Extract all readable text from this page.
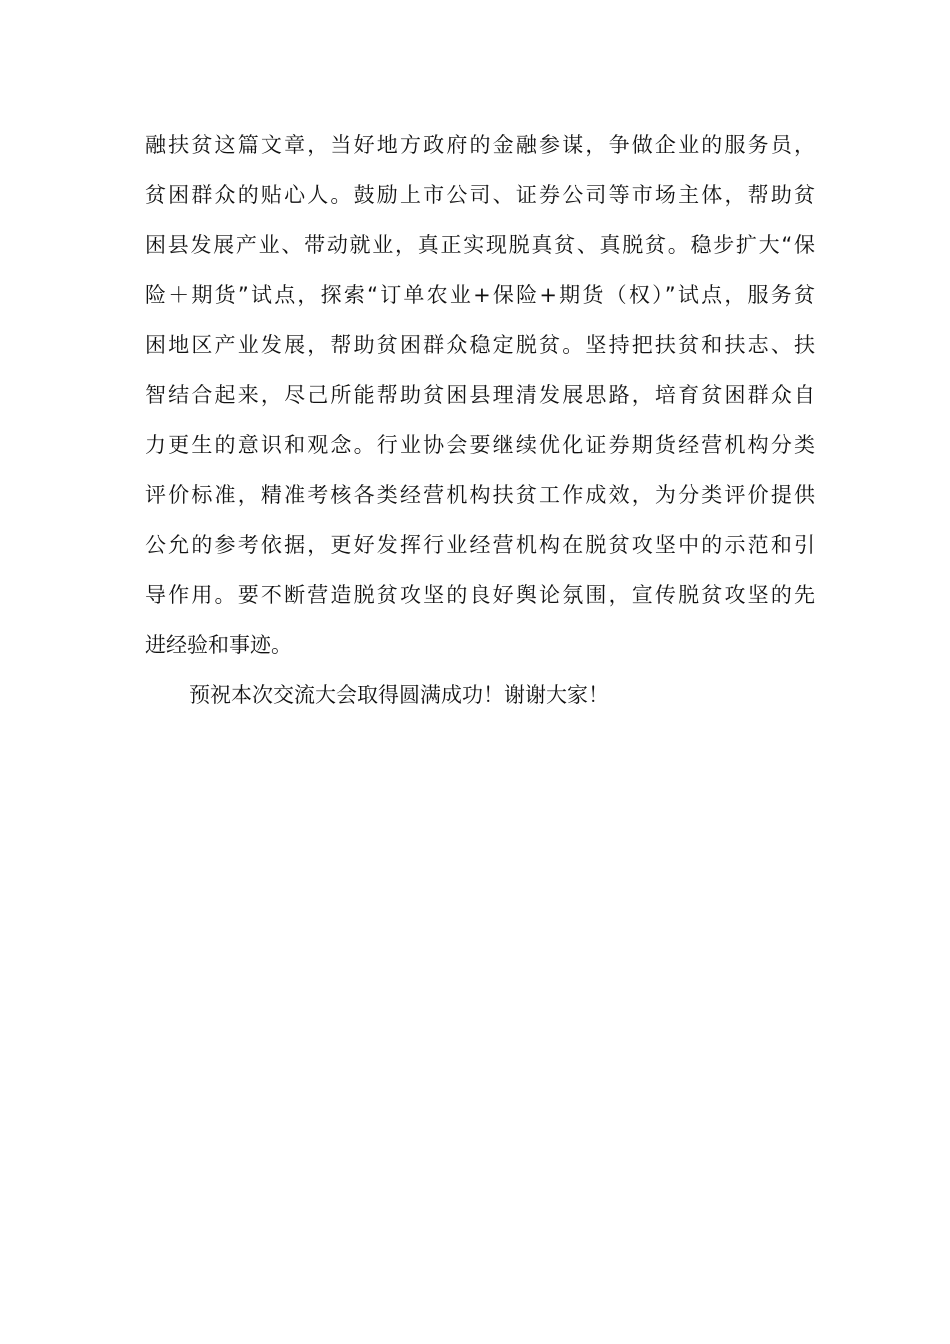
融扶贫这篇文章，当好地方政府的金融参谋，争做企业的服务员，
贫困群众的贴心人。鼓励上市公司、证券公司等市场主体，帮助贫
困县发展产业、带动就业，真正实现脱真贫、真脱贫。稳步扩大“保
险＋期货”试点，探索“订单农业+保险+期货（权）”试点，服务贫
困地区产业发展，帮助贫困群众稳定脱贫。坚持把扶贫和扶志、扶
智结合起来，尽己所能帮助贫困县理清发展思路，培育贫困群众自
力更生的意识和观念。行业协会要继续优化证券期货经营机构分类
评价标准，精准考核各类经营机构扶贫工作成效，为分类评价提供
公允的参考依据，更好发挥行业经营机构在脱贫攻坚中的示范和引
导作用。要不断营造脱贫攻坚的良好舆论氛围，宣传脱贫攻坚的先
进经验和事迹。
预祝本次交流大会取得圆满成功！谢谢大家！
